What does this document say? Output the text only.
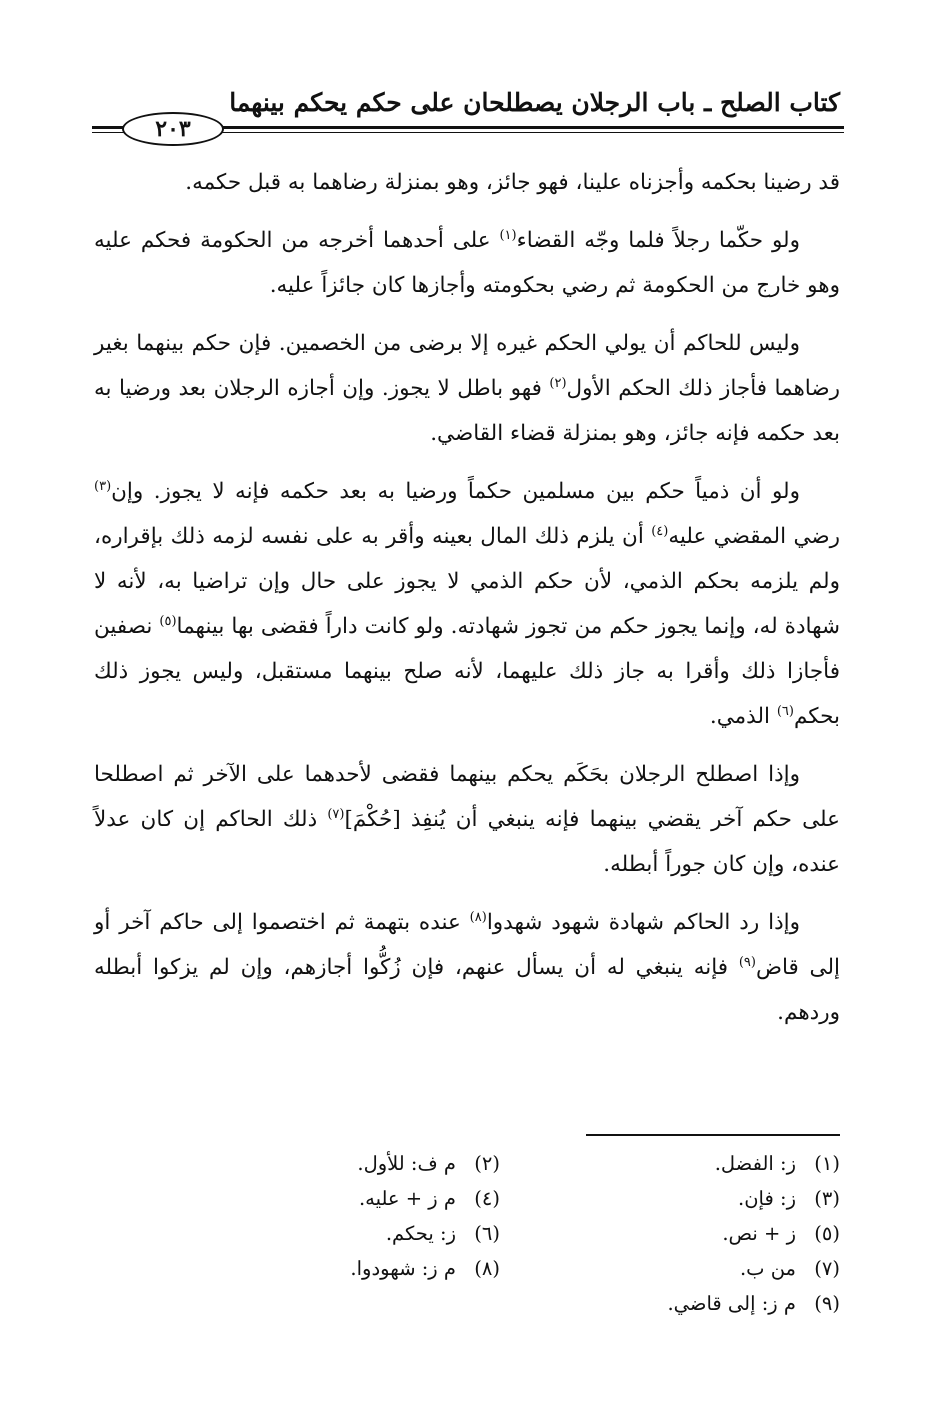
كتاب الصلح ـ باب الرجلان يصطلحان على حكم يحكم بينهما
٢٠٣

قد رضينا بحكمه وأجزناه علينا، فهو جائز، وهو بمنزلة رضاهما به قبل حكمه.

ولو حكّما رجلاً فلما وجّه القضاء$^{(١)}$ على أحدهما أخرجه من الحكومة فحكم عليه وهو خارج من الحكومة ثم رضي بحكومته وأجازها كان جائزاً عليه.

وليس للحاكم أن يولي الحكم غيره إلا برضى من الخصمين. فإن حكم بينهما بغير رضاهما فأجاز ذلك الحكم الأول$^{(٢)}$ فهو باطل لا يجوز. وإن أجازه الرجلان بعد ورضيا به بعد حكمه فإنه جائز، وهو بمنزلة قضاء القاضي.

ولو أن ذمياً حكم بين مسلمين حكماً ورضيا به بعد حكمه فإنه لا يجوز. وإن$^{(٣)}$ رضي المقضي عليه$^{(٤)}$ أن يلزم ذلك المال بعينه وأقر به على نفسه لزمه ذلك بإقراره، ولم يلزمه بحكم الذمي، لأن حكم الذمي لا يجوز على حال وإن تراضيا به، لأنه لا شهادة له، وإنما يجوز حكم من تجوز شهادته. ولو كانت داراً فقضى بها بينهما$^{(٥)}$ نصفين فأجازا ذلك وأقرا به جاز ذلك عليهما، لأنه صلح بينهما مستقبل، وليس يجوز ذلك بحكم$^{(٦)}$ الذمي.

وإذا اصطلح الرجلان بحَكَم يحكم بينهما فقضى لأحدهما على الآخر ثم اصطلحا على حكم آخر يقضي بينهما فإنه ينبغي أن يُنفِذ [حُكْمَ]$^{(٧)}$ ذلك الحاكم إن كان عدلاً عنده، وإن كان جوراً أبطله.

وإذا رد الحاكم شهادة شهود شهدوا$^{(٨)}$ عنده بتهمة ثم اختصموا إلى حاكم آخر أو إلى قاض$^{(٩)}$ فإنه ينبغي له أن يسأل عنهم، فإن زُكُّوا أجازهم، وإن لم يزكوا أبطله وردهم.

(١)ز: الفضل.
(٢)م ف: للأول.
(٣)ز: فإن.
(٤)م ز + عليه.
(٥)ز + نص.
(٦)ز: يحكم.
(٧)من ب.
(٨)م ز: شهودوا.
(٩)م ز: إلى قاضي.
